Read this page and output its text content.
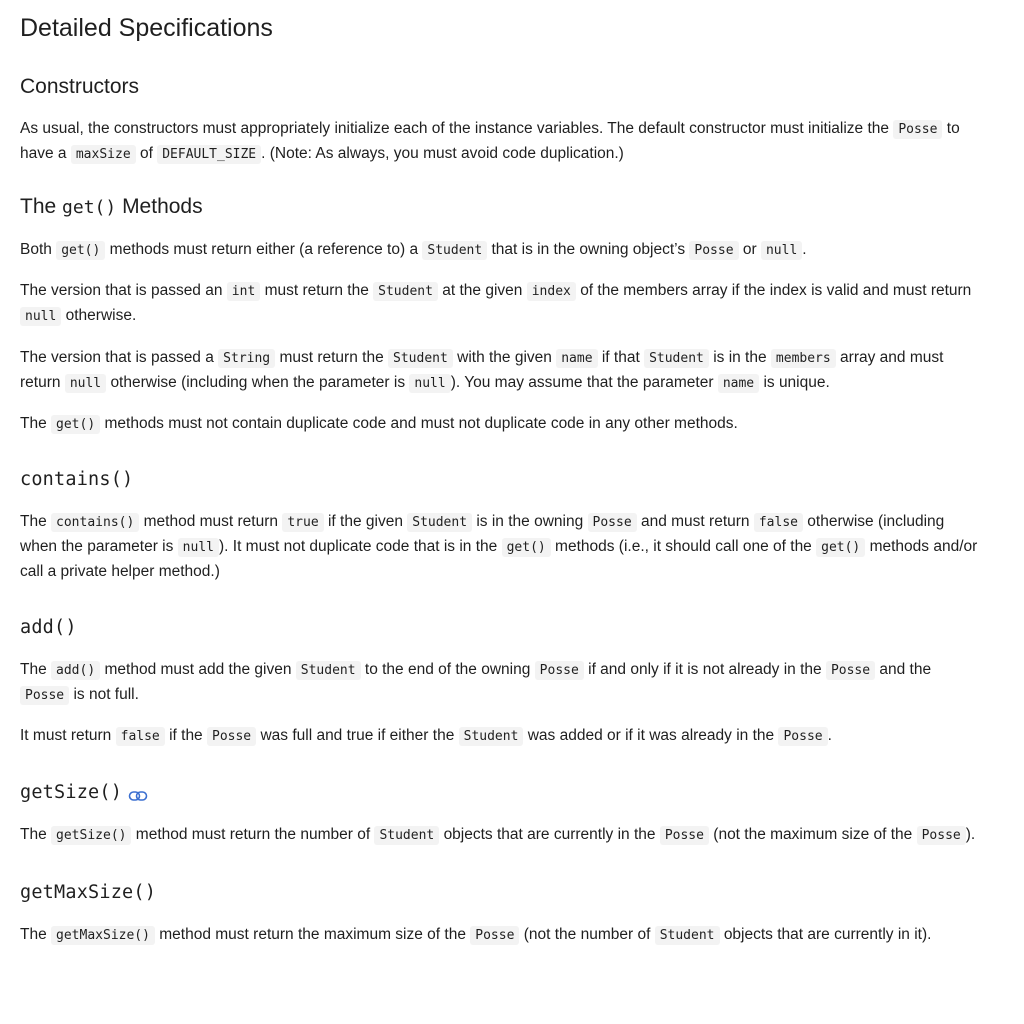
Detailed Specifications
Constructors

As usual, the constructors must appropriately initialize each of the instance variables. The default constructor must initialize the Posse to have a maxSize of DEFAULT_SIZE . (Note: As always, you must avoid code duplication.)

The get() Methods

Both get() methods must return either (a reference to) a Student that is in the owning object’s Posse or null .

The version that is passed an int must return the Student at the given index of the members array if the index is valid and must return null otherwise.

The version that is passed a String must return the Student with the given name if that Student is in the members array and must return null otherwise (including when the parameter is null ). You may assume that the parameter name is unique.

The get() methods must not contain duplicate code and must not duplicate code in any other methods.

contains()

The contains() method must return true if the given Student is in the owning Posse and must return false otherwise (including when the parameter is null ). It must not duplicate code that is in the get() methods (i.e., it should call one of the get() methods and/or call a private helper method.)

add()

The add() method must add the given Student to the end of the owning Posse if and only if it is not already in the Posse and the Posse is not full.

It must return false if the Posse was full and true if either the Student was added or if it was already in the Posse .

getSize()

The getSize() method must return the number of Student objects that are currently in the Posse (not the maximum size of the Posse ).

getMaxSize()

The getMaxSize() method must return the maximum size of the Posse (not the number of Student objects that are currently in it).
